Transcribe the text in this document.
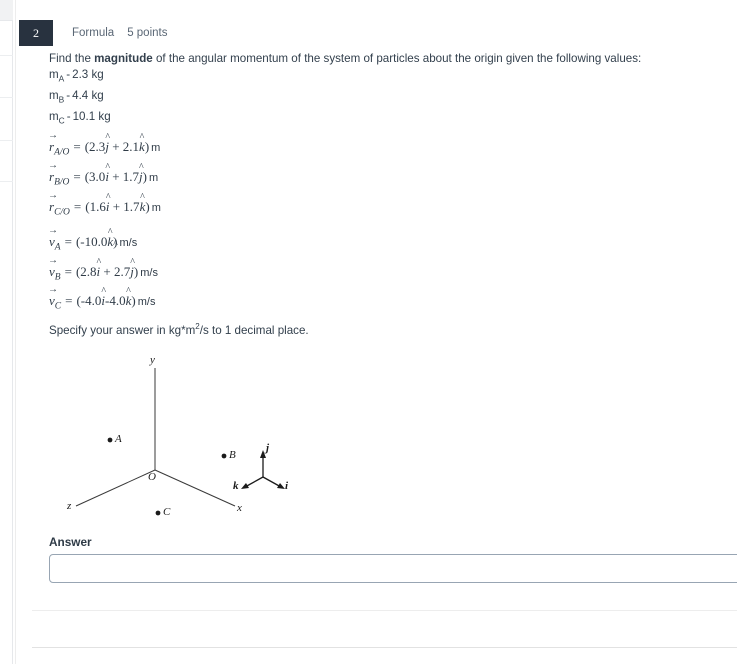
2	Formula 5 points
Find the magnitude of the angular momentum of the system of particles about the origin given the following values:
$m_A - 2.3$ kg
$m_B - 4.4$ kg
$m_C - 10.1$ kg
→ $r_{A/O}$ = (2.3^ j + 2.1^ k) m
→ $r_{B/O}$ = (3.0^ i + 1.7^ j) m
→ $r_{C/O}$ = (1.6^ i + 1.7^ k) m
→ $v_A$ = (-10.0^ k) m/s
→ $v_B$ = (2.8^ i + 2.7^ j) m/s
→ $v_C$ = (-4.0^ i-4.0^ k) m/s
Specify your answer in $kg*m^2/s$ to 1 decimal place.
y
z	x
O
A
B
C
j
i
k
Answer
